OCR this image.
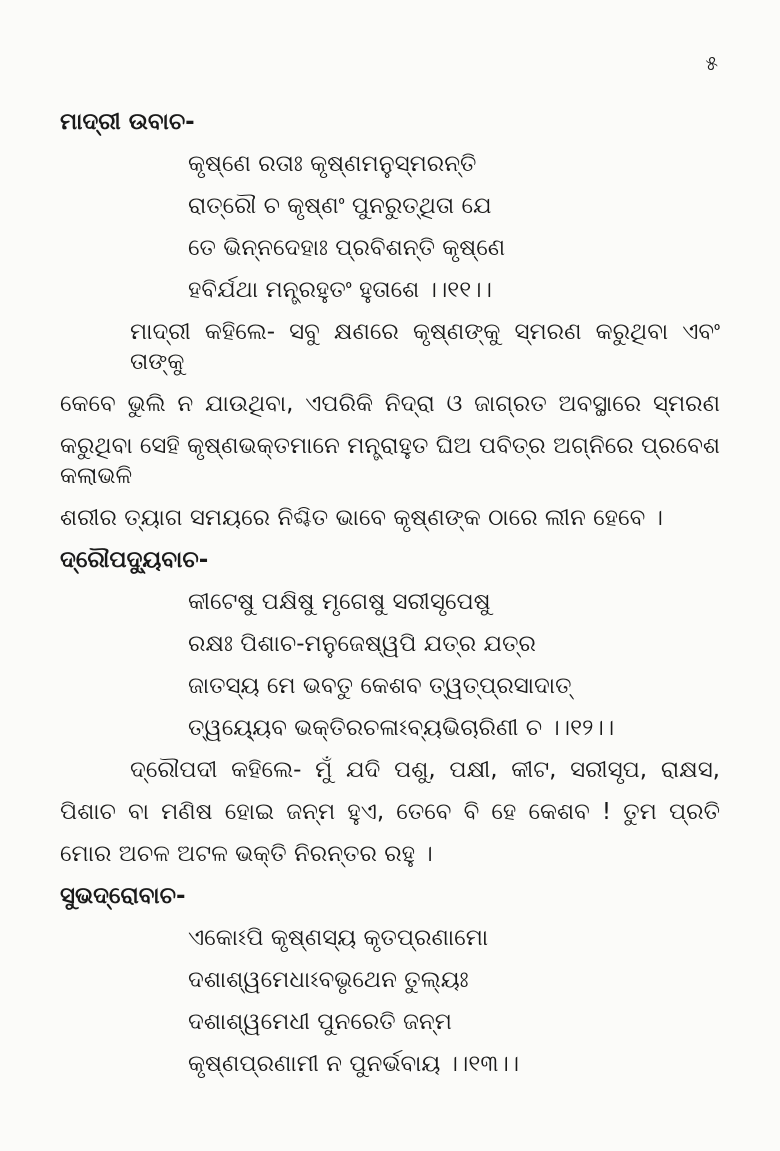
୫
ମାଦ୍ରୀ ଉବାଚ-
କୃଷ୍ଣେ ରତାଃ କୃଷ୍ଣମନୁସ୍ମରନ୍ତି
ରାତ୍ରୌ ଚ କୃଷ୍ଣଂ ପୁନରୁତ୍‌ଥିତା ଯେ
ତେ ଭିନ୍ନଦେହାଃ ପ୍ରବିଶନ୍ତି କୃଷ୍ଣେ
ହବିର୍ଯଥା ମନ୍ତ୍ରହୁତଂ ହୁତାଶେ ।।୧୧।।
ମାଦ୍ରୀ କହିଲେ- ସବୁ କ୍ଷଣରେ କୃଷ୍ଣଙ୍କୁ ସ୍ମରଣ କରୁଥିବା ଏବଂ ତାଙ୍କୁ
କେବେ ଭୁଲି ନ ଯାଉଥିବା, ଏପରିକି ନିଦ୍ରା ଓ ଜାଗ୍ରତ ଅବସ୍ଥାରେ ସ୍ମରଣ
କରୁଥିବା ସେହି କୃଷ୍ଣଭକ୍ତମାନେ ମନ୍ତ୍ରାହୁତ ଘିଅ ପବିତ୍ର ଅଗ୍ନିରେ ପ୍ରବେଶ କଲାଭଳି
ଶରୀର ତ୍ୟାଗ ସମୟରେ ନିଶ୍ଚିତ ଭାବେ କୃଷ୍ଣଙ୍କ ଠାରେ ଲୀନ ହେବେ ।
ଦ୍ରୌପଦ୍ୟୁବାଚ-
କୀଟେଷୁ ପକ୍ଷିଷୁ ମୃଗେଷୁ ସରୀସୃପେଷୁ
ରକ୍ଷଃ ପିଶାଚ-ମନୁଜେଷ୍ୱପି ଯତ୍ର ଯତ୍ର
ଜାତସ୍ୟ ମେ ଭବତୁ କେଶବ ତ୍ୱତ୍‌ପ୍ରସାଦାତ୍
ତ୍ୱୟ୍ୟେବ ଭକ୍ତିରଚଳାଽବ୍ୟଭିଚାରିଣୀ ଚ ।।୧୨।।
ଦ୍ରୌପଦୀ କହିଲେ- ମୁଁ ଯଦି ପଶୁ, ପକ୍ଷୀ, କୀଟ, ସରୀସୃପ, ରାକ୍ଷସ,
ପିଶାଚ ବା ମଣିଷ ହୋଇ ଜନ୍ମ ହୁଏ, ତେବେ ବି ହେ କେଶବ ! ତୁମ ପ୍ରତି
ମୋର ଅଚଳ ଅଟଳ ଭକ୍ତି ନିରନ୍ତର ରହୁ ।
ସୁଭଦ୍ରୋବାଚ-
ଏକୋଽପି କୃଷ୍ଣସ୍ୟ କୃତପ୍ରଣାମୋ
ଦଶାଶ୍ୱମେଧାଽବଭୃଥେନ ତୁଲ୍ୟଃ
ଦଶାଶ୍ୱମେଧୀ ପୁନରେତି ଜନ୍ମ
କୃଷ୍ଣପ୍ରଣାମୀ ନ ପୁନର୍ଭବାୟ ।।୧୩।।
